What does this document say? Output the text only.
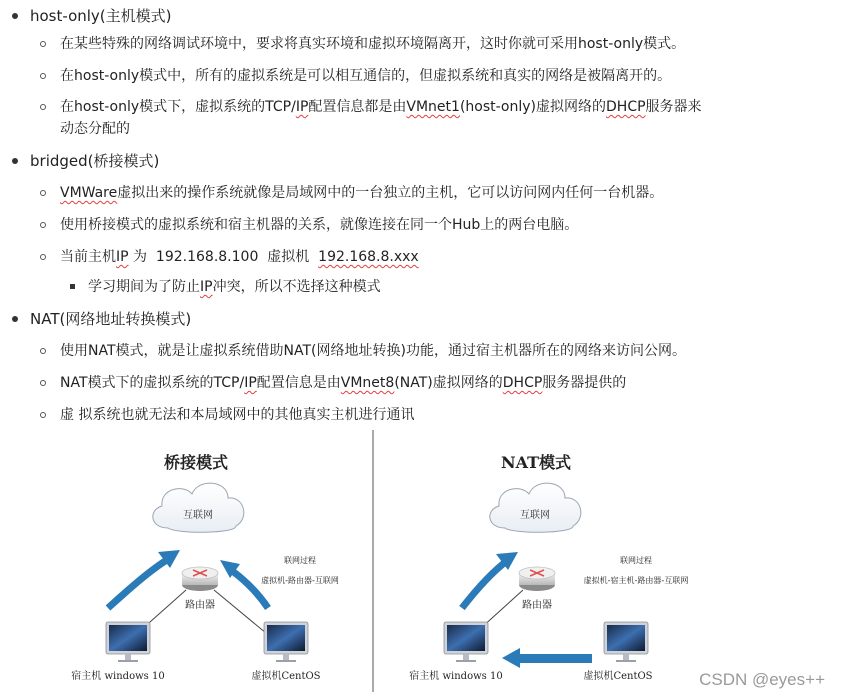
host-only(主机模式)
在某些特殊的网络调试环境中，要求将真实环境和虚拟环境隔离开，这时你就可采用host-only模式。
在host-only模式中，所有的虚拟系统是可以相互通信的，但虚拟系统和真实的网络是被隔离开的。
在host-only模式下，虚拟系统的TCP/IP配置信息都是由VMnet1(host-only)虚拟网络的DHCP服务器来
动态分配的
bridged(桥接模式)
VMWare虚拟出来的操作系统就像是局域网中的一台独立的主机，它可以访问网内任何一台机器。
使用桥接模式的虚拟系统和宿主机器的关系，就像连接在同一个Hub上的两台电脑。
当前主机IP 为  192.168.8.100  虚拟机  192.168.8.xxx
学习期间为了防止IP冲突，所以不选择这种模式
NAT(网络地址转换模式)
使用NAT模式，就是让虚拟系统借助NAT(网络地址转换)功能，通过宿主机器所在的网络来访问公网。
NAT模式下的虚拟系统的TCP/IP配置信息是由VMnet8(NAT)虚拟网络的DHCP服务器提供的
虚 拟系统也就无法和本局域网中的其他真实主机进行通讯
桥接模式
互联网
路由器
联网过程
虚拟机-路由器-互联网
宿主机 windows 10	虚拟机CentOS
NAT模式
互联网
路由器
联网过程
虚拟机-宿主机-路由器-互联网
宿主机 windows 10	虚拟机CentOS	CSDN @eyes++
